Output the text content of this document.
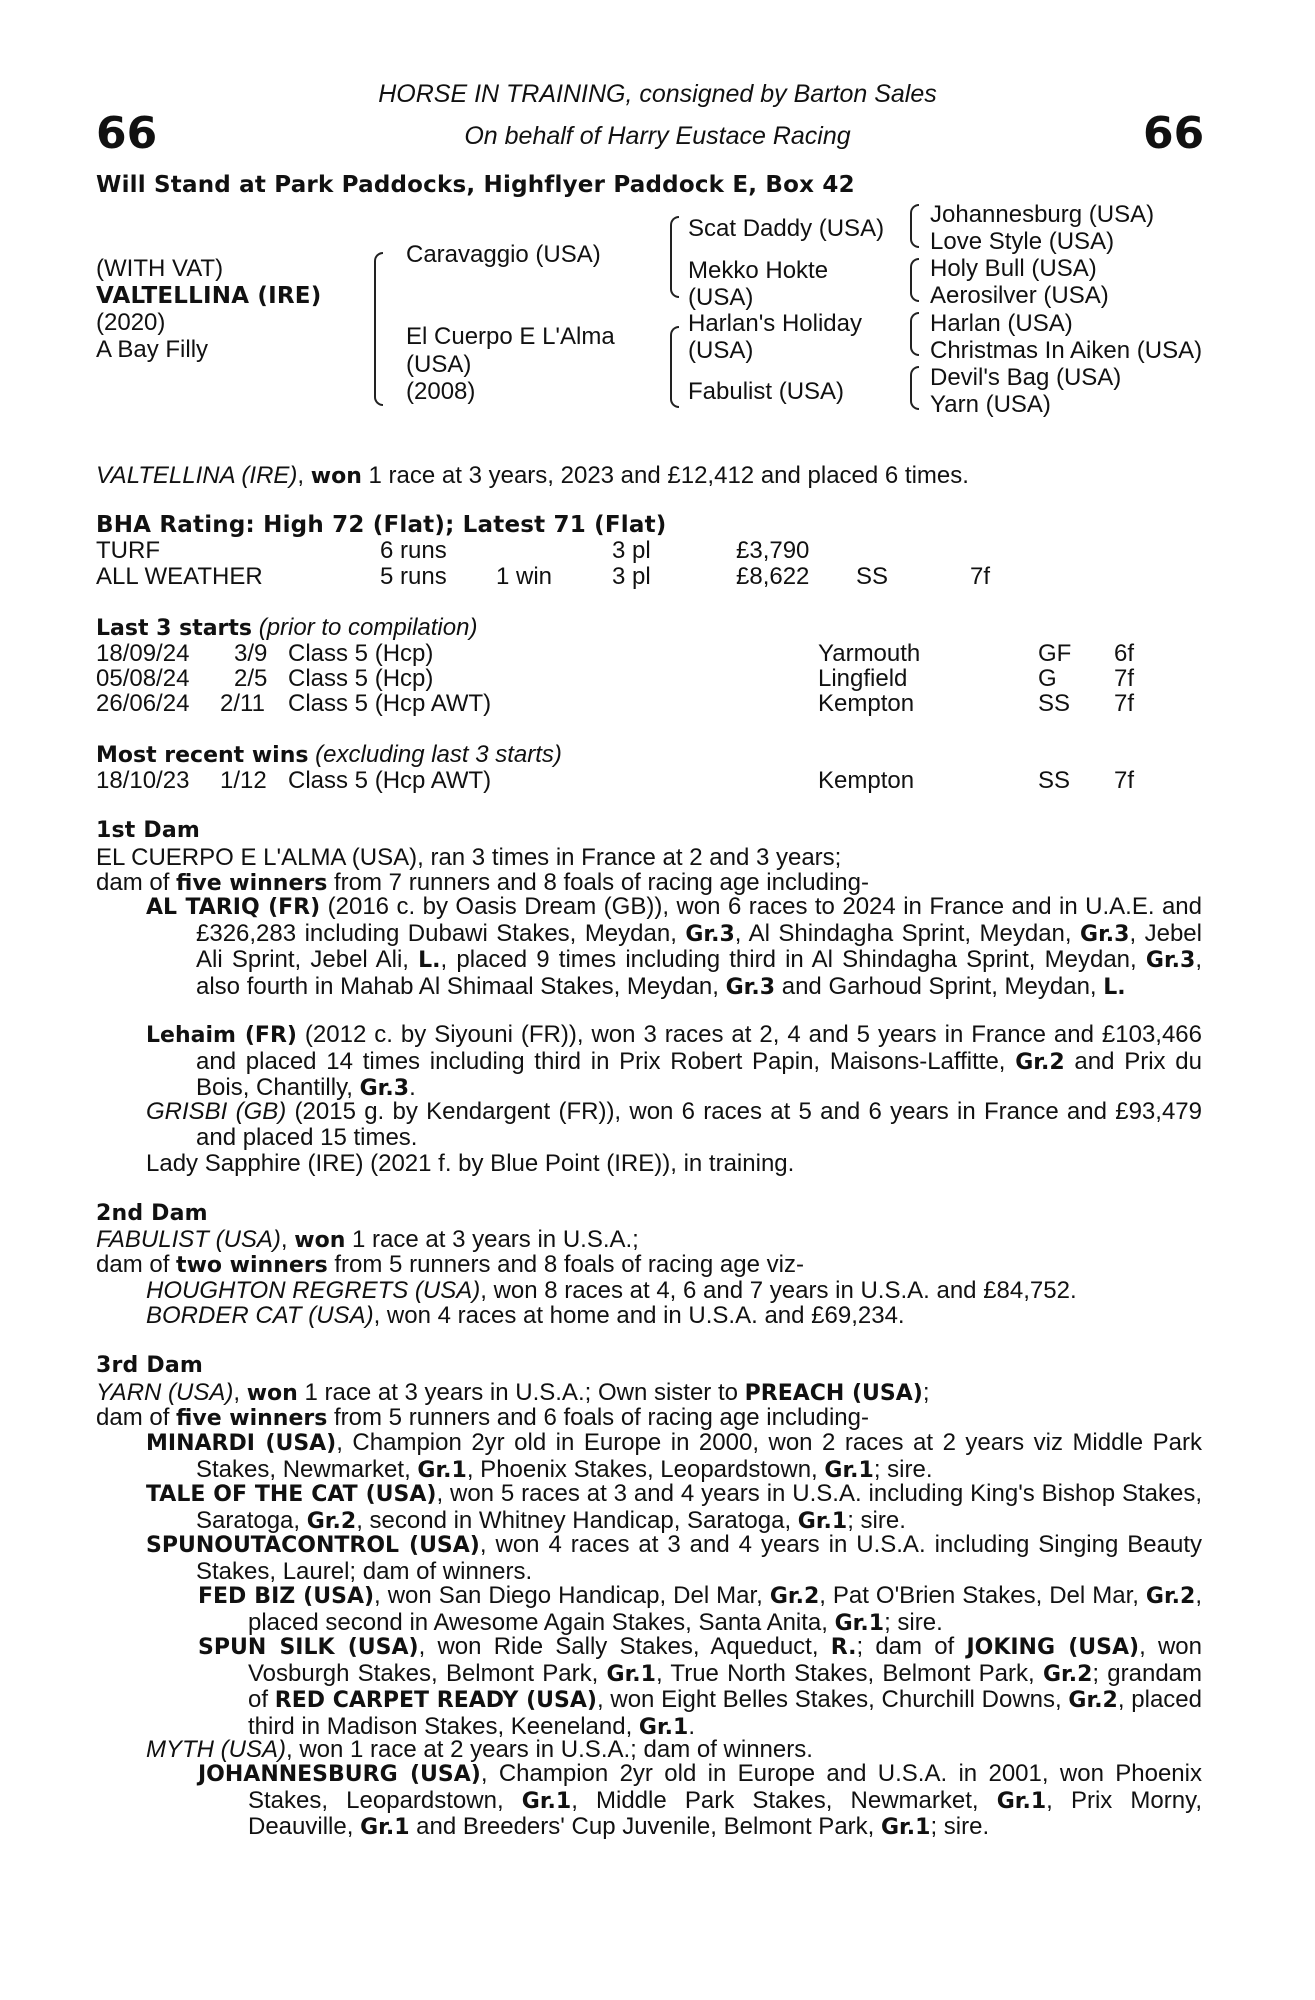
66	66
HORSE IN TRAINING, consigned by Barton Sales
On behalf of Harry Eustace Racing
Will Stand at Park Paddocks, Highflyer Paddock E, Box 42
(WITH VAT)
VALTELLINA (IRE)
(2020)
A Bay Filly
Caravaggio (USA)
El Cuerpo E L'Alma
(USA)
(2008)
Scat Daddy (USA)
Mekko Hokte
(USA)
Harlan's Holiday
(USA)
Fabulist (USA)
Johannesburg (USA)
Love Style (USA)
Holy Bull (USA)
Aerosilver (USA)
Harlan (USA)
Christmas In Aiken (USA)
Devil's Bag (USA)
Yarn (USA)
VALTELLINA (IRE), won 1 race at 3 years, 2023 and £12,412 and placed 6 times.
BHA Rating: High 72 (Flat); Latest 71 (Flat)
TURF	6 runs	3 pl	£3,790
ALL WEATHER	5 runs 1 win 3 pl	£8,622 SS	7f
Last 3 starts (prior to compilation)
18/09/24 3/9 Class 5 (Hcp)	Yarmouth	GF 6f
05/08/24 2/5 Class 5 (Hcp)	Lingfield	G 7f
26/06/24 2/11 Class 5 (Hcp AWT)	Kempton	SS 7f
Most recent wins (excluding last 3 starts)
18/10/23 1/12 Class 5 (Hcp AWT)	Kempton	SS 7f
1st Dam
EL CUERPO E L'ALMA (USA), ran 3 times in France at 2 and 3 years;
dam of five winners from 7 runners and 8 foals of racing age including-
AL TARIQ (FR) (2016 c. by Oasis Dream (GB)), won 6 races to 2024 in France and in U.A.E. and £326,283 including Dubawi Stakes, Meydan, Gr.3, Al Shindagha Sprint, Meydan, Gr.3, Jebel Ali Sprint, Jebel Ali, L., placed 9 times including third in Al Shindagha Sprint, Meydan, Gr.3, also fourth in Mahab Al Shimaal Stakes, Meydan, Gr.3 and Garhoud Sprint, Meydan, L.
Lehaim (FR) (2012 c. by Siyouni (FR)), won 3 races at 2, 4 and 5 years in France and £103,466 and placed 14 times including third in Prix Robert Papin, Maisons-Laffitte, Gr.2 and Prix du Bois, Chantilly, Gr.3.
GRISBI (GB) (2015 g. by Kendargent (FR)), won 6 races at 5 and 6 years in France and £93,479 and placed 15 times.
Lady Sapphire (IRE) (2021 f. by Blue Point (IRE)), in training.
2nd Dam
FABULIST (USA), won 1 race at 3 years in U.S.A.;
dam of two winners from 5 runners and 8 foals of racing age viz-
HOUGHTON REGRETS (USA), won 8 races at 4, 6 and 7 years in U.S.A. and £84,752.
BORDER CAT (USA), won 4 races at home and in U.S.A. and £69,234.
3rd Dam
YARN (USA), won 1 race at 3 years in U.S.A.; Own sister to PREACH (USA);
dam of five winners from 5 runners and 6 foals of racing age including-
MINARDI (USA), Champion 2yr old in Europe in 2000, won 2 races at 2 years viz Middle Park Stakes, Newmarket, Gr.1, Phoenix Stakes, Leopardstown, Gr.1; sire.
TALE OF THE CAT (USA), won 5 races at 3 and 4 years in U.S.A. including King's Bishop Stakes, Saratoga, Gr.2, second in Whitney Handicap, Saratoga, Gr.1; sire.
SPUNOUTACONTROL (USA), won 4 races at 3 and 4 years in U.S.A. including Singing Beauty Stakes, Laurel; dam of winners.
FED BIZ (USA), won San Diego Handicap, Del Mar, Gr.2, Pat O'Brien Stakes, Del Mar, Gr.2, placed second in Awesome Again Stakes, Santa Anita, Gr.1; sire.
SPUN SILK (USA), won Ride Sally Stakes, Aqueduct, R.; dam of JOKING (USA), won Vosburgh Stakes, Belmont Park, Gr.1, True North Stakes, Belmont Park, Gr.2; grandam of RED CARPET READY (USA), won Eight Belles Stakes, Churchill Downs, Gr.2, placed third in Madison Stakes, Keeneland, Gr.1.
MYTH (USA), won 1 race at 2 years in U.S.A.; dam of winners.
JOHANNESBURG (USA), Champion 2yr old in Europe and U.S.A. in 2001, won Phoenix Stakes, Leopardstown, Gr.1, Middle Park Stakes, Newmarket, Gr.1, Prix Morny, Deauville, Gr.1 and Breeders' Cup Juvenile, Belmont Park, Gr.1; sire.
